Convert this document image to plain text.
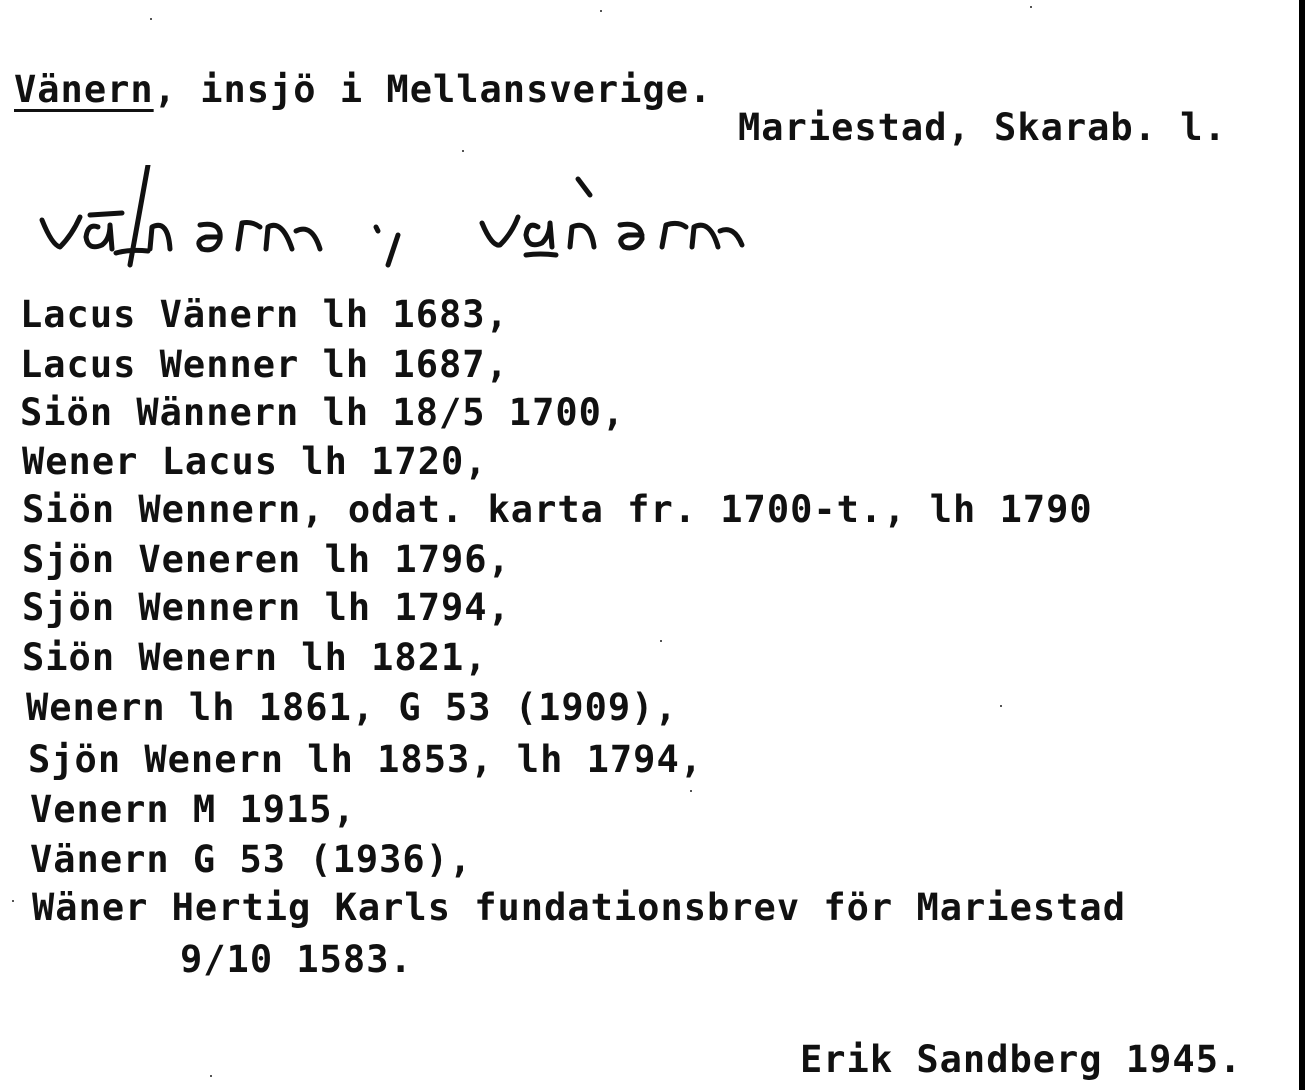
Vänern, insjö i Mellansverige.
Mariestad, Skarab. l.
Lacus Vänern lh 1683,
Lacus Wenner lh 1687,
Siön Wännern lh 18/5 1700,
Wener Lacus lh 1720,
Siön Wennern, odat. karta fr. 1700-t., lh 1790
Sjön Veneren lh 1796,
Sjön Wennern lh 1794,
Siön Wenern lh 1821,
Wenern lh 1861, G 53 (1909),
Sjön Wenern lh 1853, lh 1794,
Venern M 1915,
Vänern G 53 (1936),
Wäner Hertig Karls fundationsbrev för Mariestad
9/10 1583.
Erik Sandberg 1945.
